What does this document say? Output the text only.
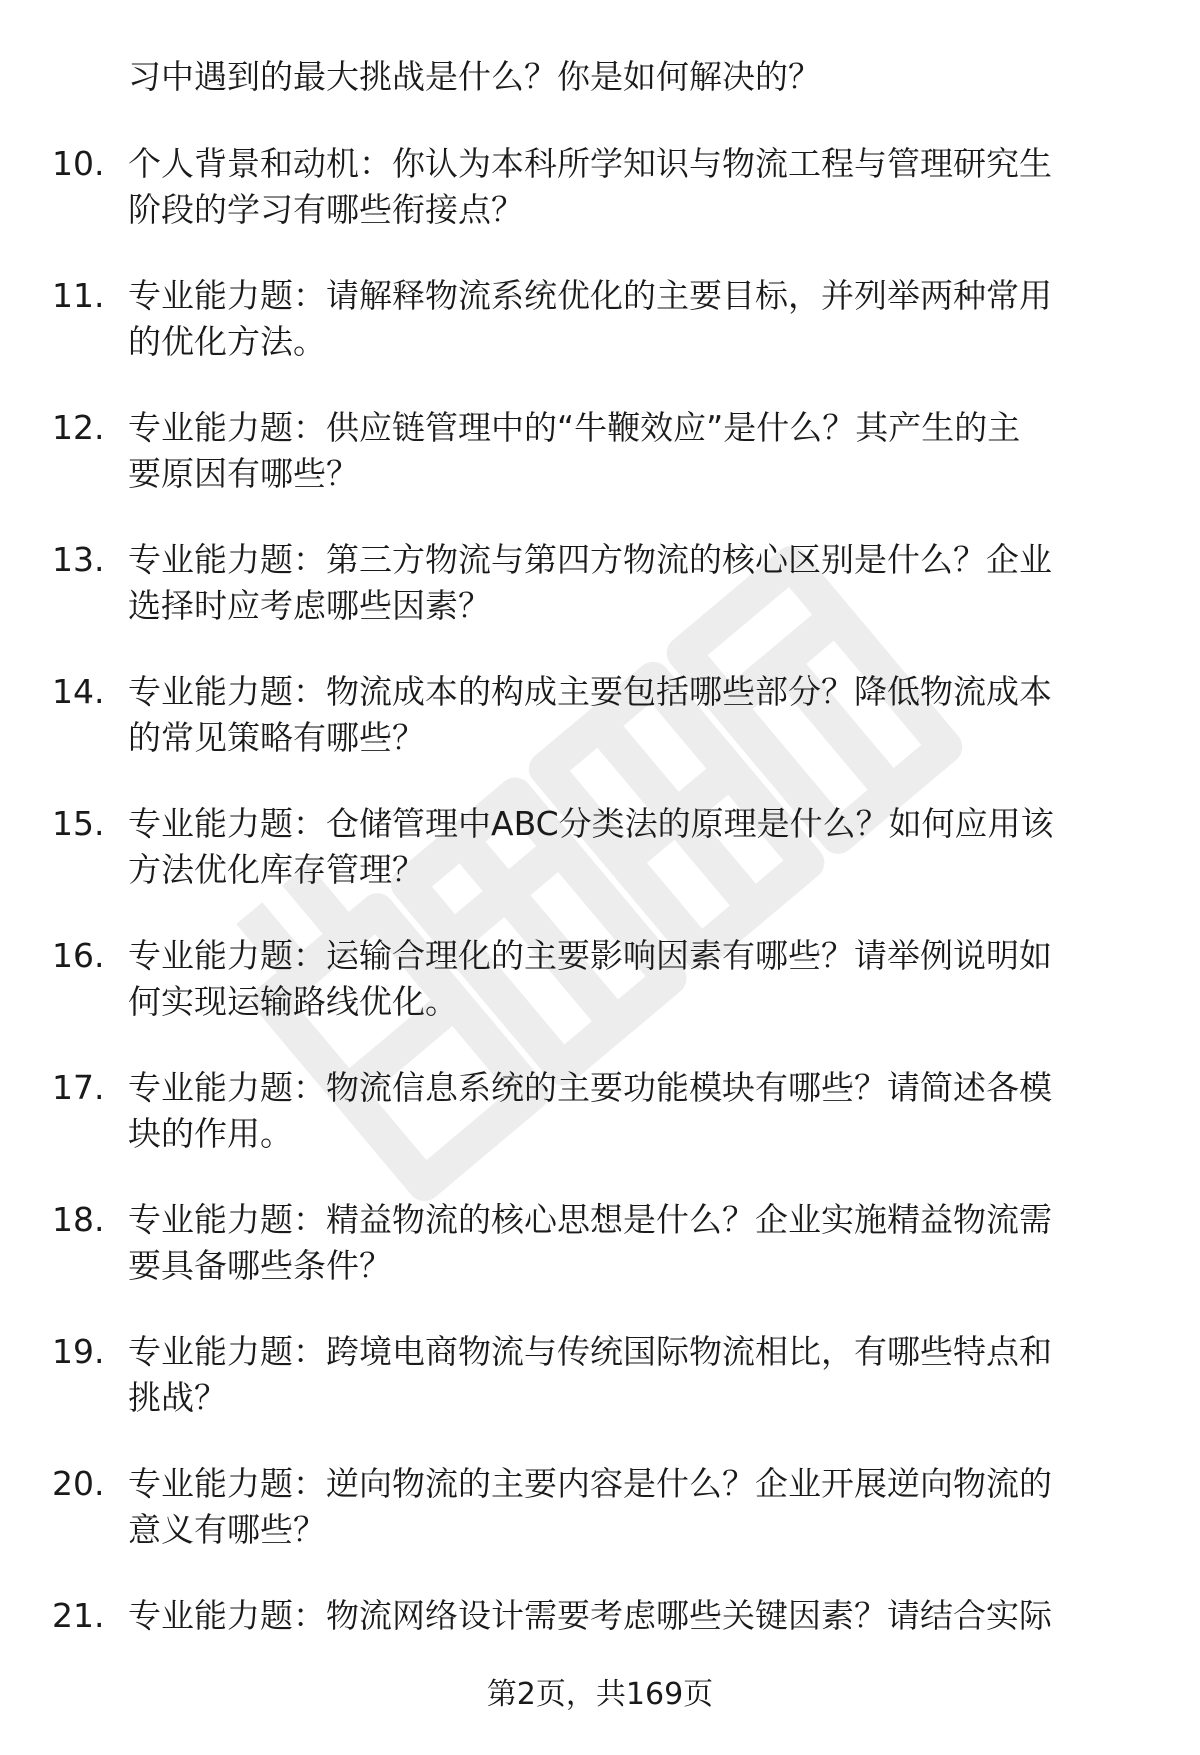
习中遇到的最大挑战是什么？你是如何解决的？
10. 个人背景和动机：你认为本科所学知识与物流工程与管理研究生
阶段的学习有哪些衔接点？
11. 专业能力题：请解释物流系统优化的主要目标，并列举两种常用
的优化方法。
12. 专业能力题：供应链管理中的“牛鞭效应”是什么？其产生的主
要原因有哪些？
13. 专业能力题：第三方物流与第四方物流的核心区别是什么？企业
选择时应考虑哪些因素？
14. 专业能力题：物流成本的构成主要包括哪些部分？降低物流成本
的常见策略有哪些？
15. 专业能力题：仓储管理中ABC分类法的原理是什么？如何应用该
方法优化库存管理？
16. 专业能力题：运输合理化的主要影响因素有哪些？请举例说明如
何实现运输路线优化。
17. 专业能力题：物流信息系统的主要功能模块有哪些？请简述各模
块的作用。
18. 专业能力题：精益物流的核心思想是什么？企业实施精益物流需
要具备哪些条件？
19. 专业能力题：跨境电商物流与传统国际物流相比，有哪些特点和
挑战？
20. 专业能力题：逆向物流的主要内容是什么？企业开展逆向物流的
意义有哪些？
21. 专业能力题：物流网络设计需要考虑哪些关键因素？请结合实际
第2页，共169页
